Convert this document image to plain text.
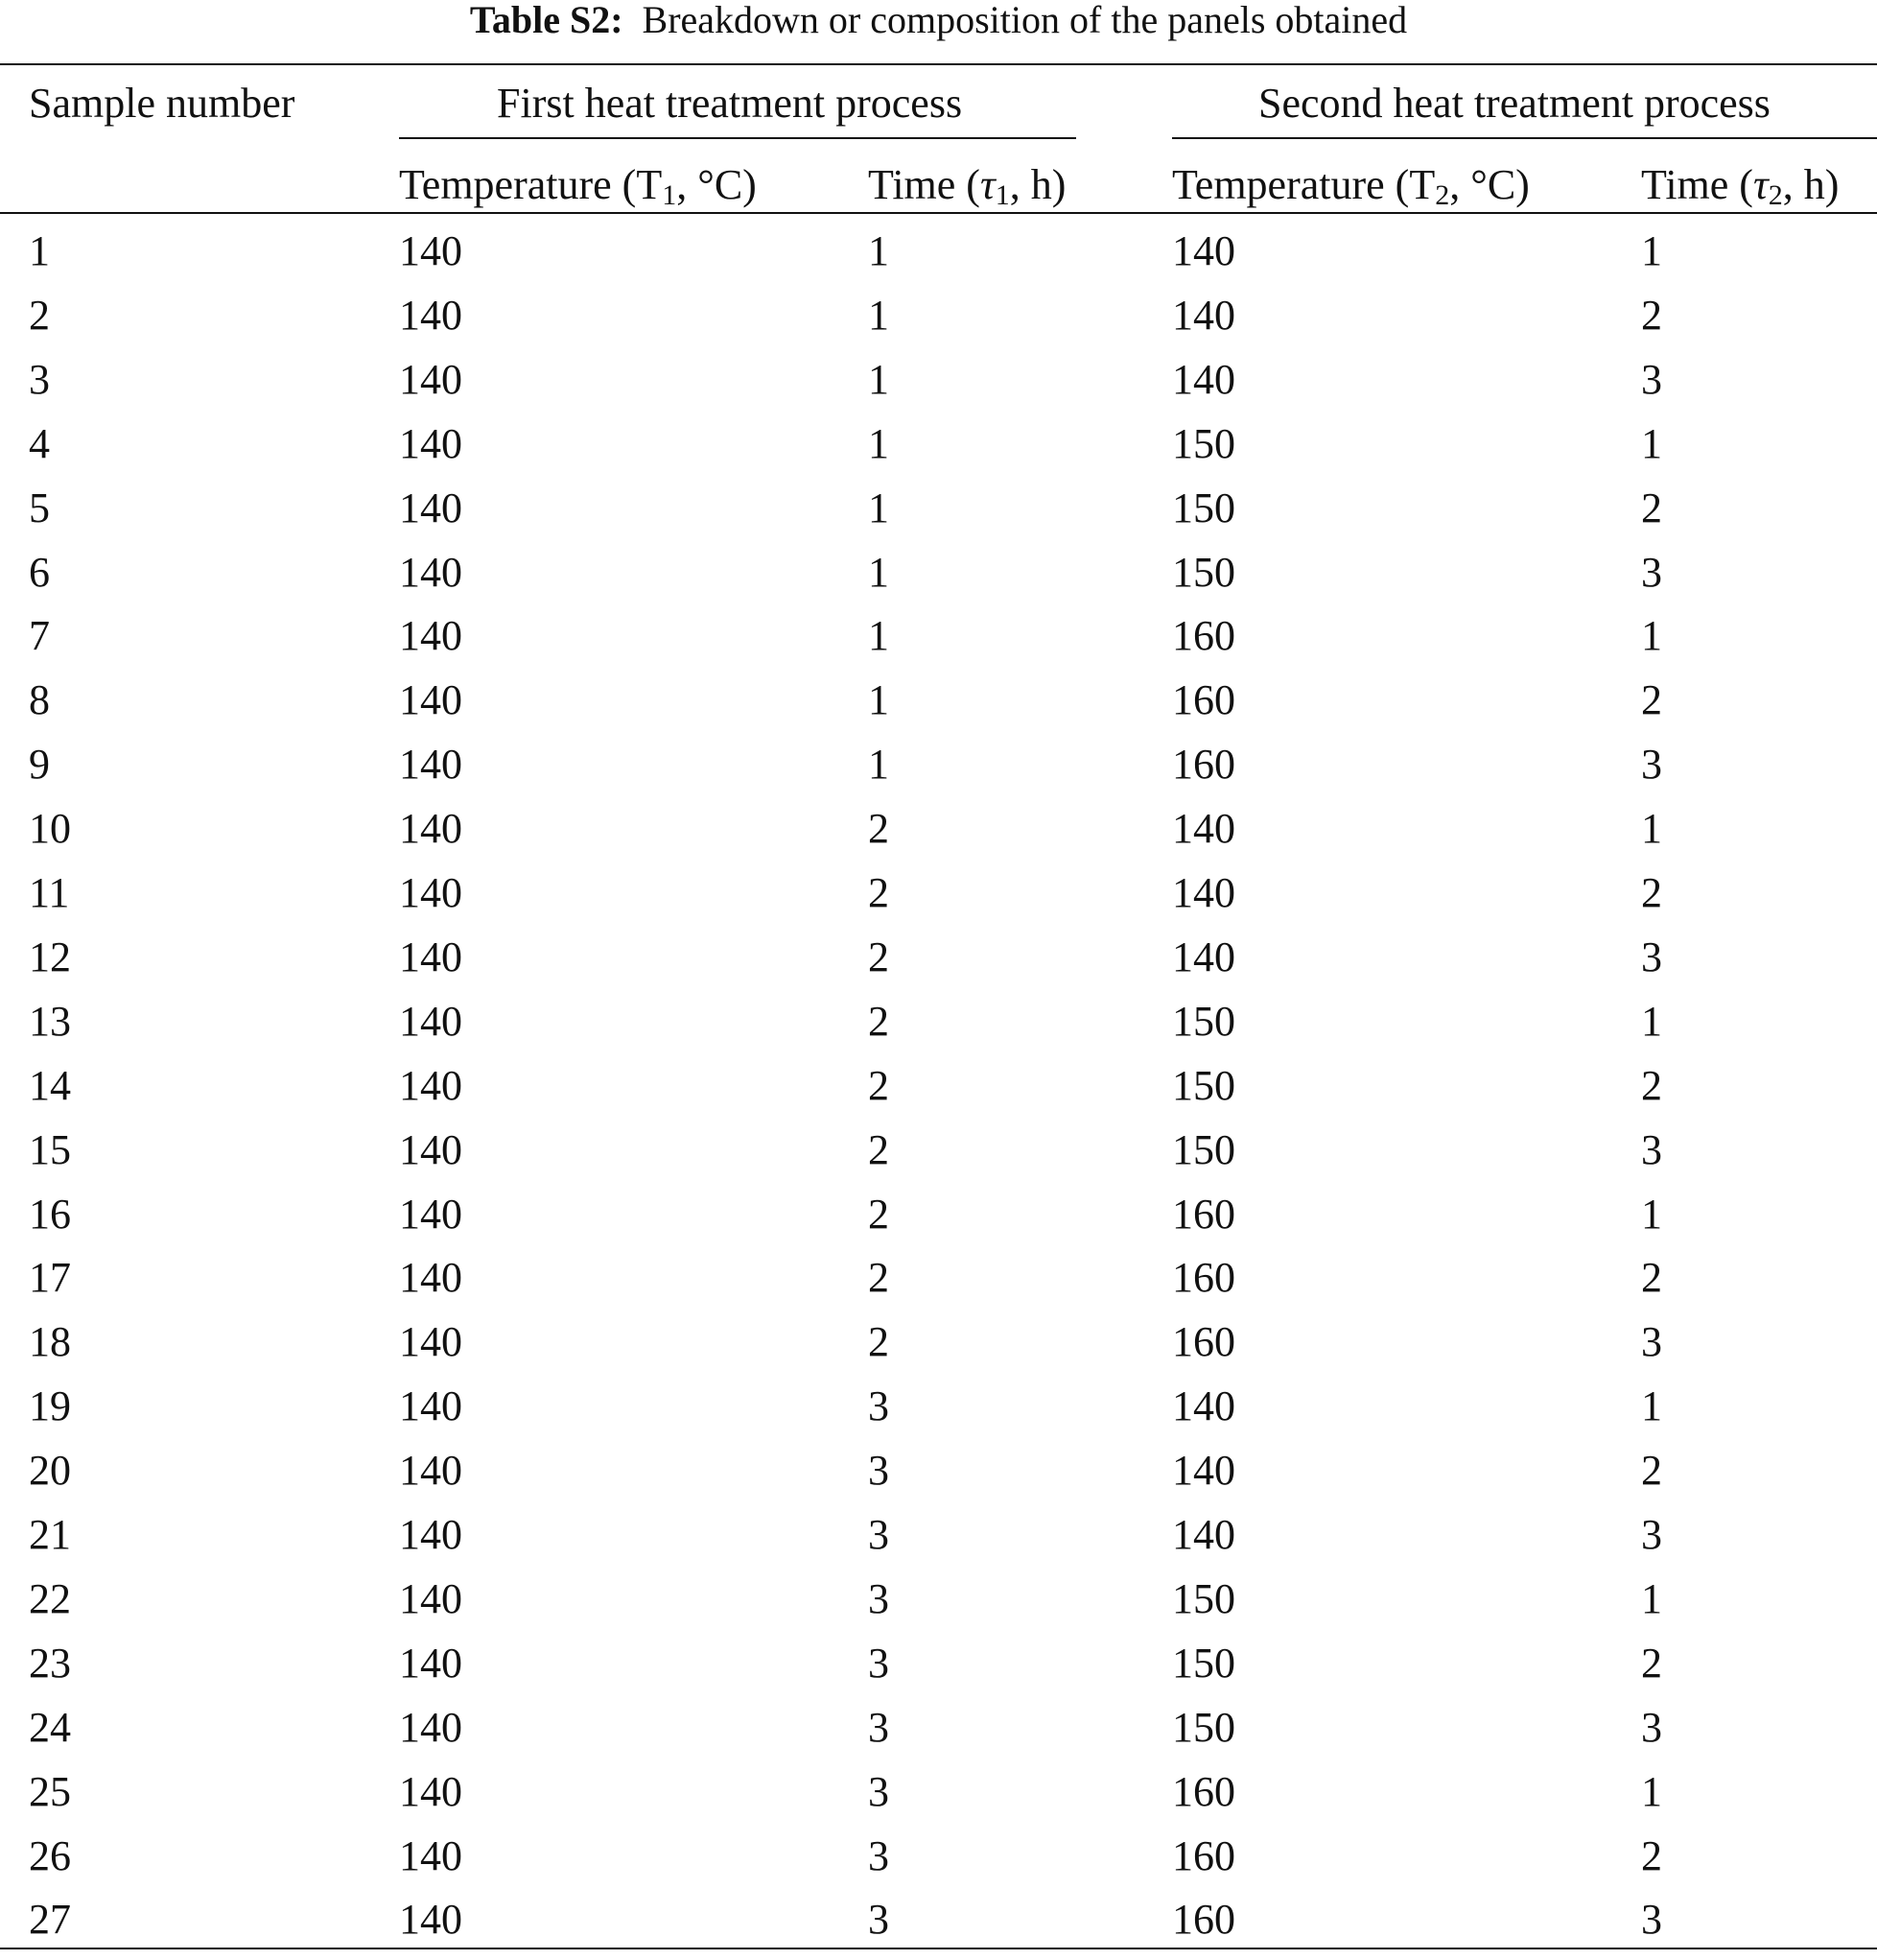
Table S2: Breakdown or composition of the panels obtained
Sample number	First heat treatment process	Second heat treatment process
Temperature ($T_1$, °C)	Time ($\tau_1$, h)	Temperature ($T_2$, °C)	Time ($\tau_2$, h)
1	140	1	140	1
2	140	1	140	2
3	140	1	140	3
4	140	1	150	1
5	140	1	150	2
6	140	1	150	3
7	140	1	160	1
8	140	1	160	2
9	140	1	160	3
10	140	2	140	1
11	140	2	140	2
12	140	2	140	3
13	140	2	150	1
14	140	2	150	2
15	140	2	150	3
16	140	2	160	1
17	140	2	160	2
18	140	2	160	3
19	140	3	140	1
20	140	3	140	2
21	140	3	140	3
22	140	3	150	1
23	140	3	150	2
24	140	3	150	3
25	140	3	160	1
26	140	3	160	2
27	140	3	160	3
